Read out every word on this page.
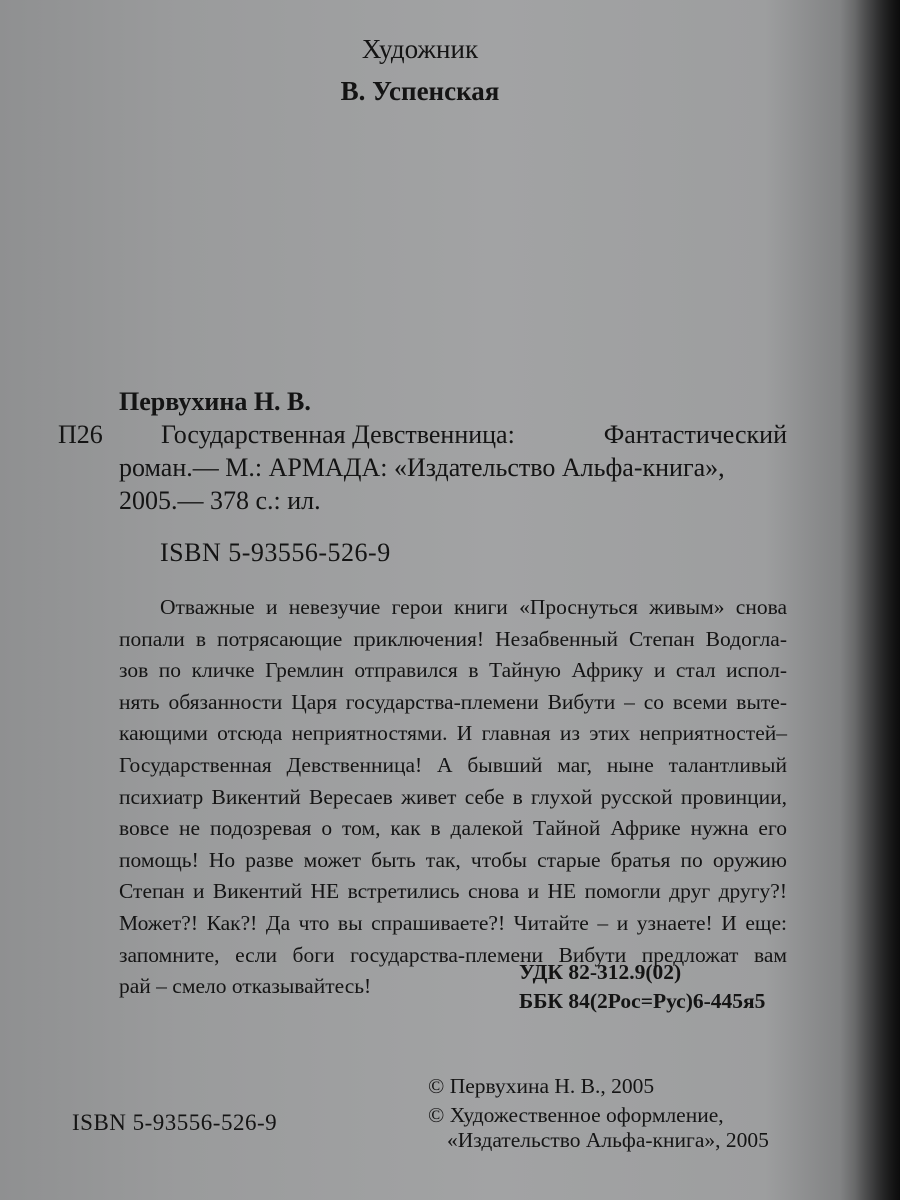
Художник
В. Успенская
Первухина Н. В.
П26 Государственная Девственница:	Фантастический
роман.— М.: АРМАДА: «Издательство Альфа-книга»,
2005.— 378 с.: ил.
ISBN 5-93556-526-9
Отважные и невезучие герои книги «Проснуться живым» снова
попали в потрясающие приключения! Незабвенный Степан Водоглa-
зов по кличке Гремлин отправился в Тайную Африку и стал испол-
нять обязанности Царя государства-племени Вибути – со всеми выте-
кающими отсюда неприятностями. И главная из этих неприятностей–
Государственная Девственница! А бывший маг, ныне талантливый
психиатр Викентий Вересаев живет себе в глухой русской провинции,
вовсе не подозревая о том, как в далекой Тайной Африке нужна его
помощь! Но разве может быть так, чтобы старые братья по оружию
Степан и Викентий НЕ встретились снова и НЕ помогли друг другу?!
Может?! Как?! Да что вы спрашиваете?! Читайте – и узнаете! И еще:
запомните, если боги государства-племени Вибути предложат вам
рай – смело отказывайтесь!
УДК 82-312.9(02)
ББК 84(2Рос=Рус)6-445я5
© Первухина Н. В., 2005
© Художественное оформление,
«Издательство Альфа-книга», 2005
ISBN 5-93556-526-9
